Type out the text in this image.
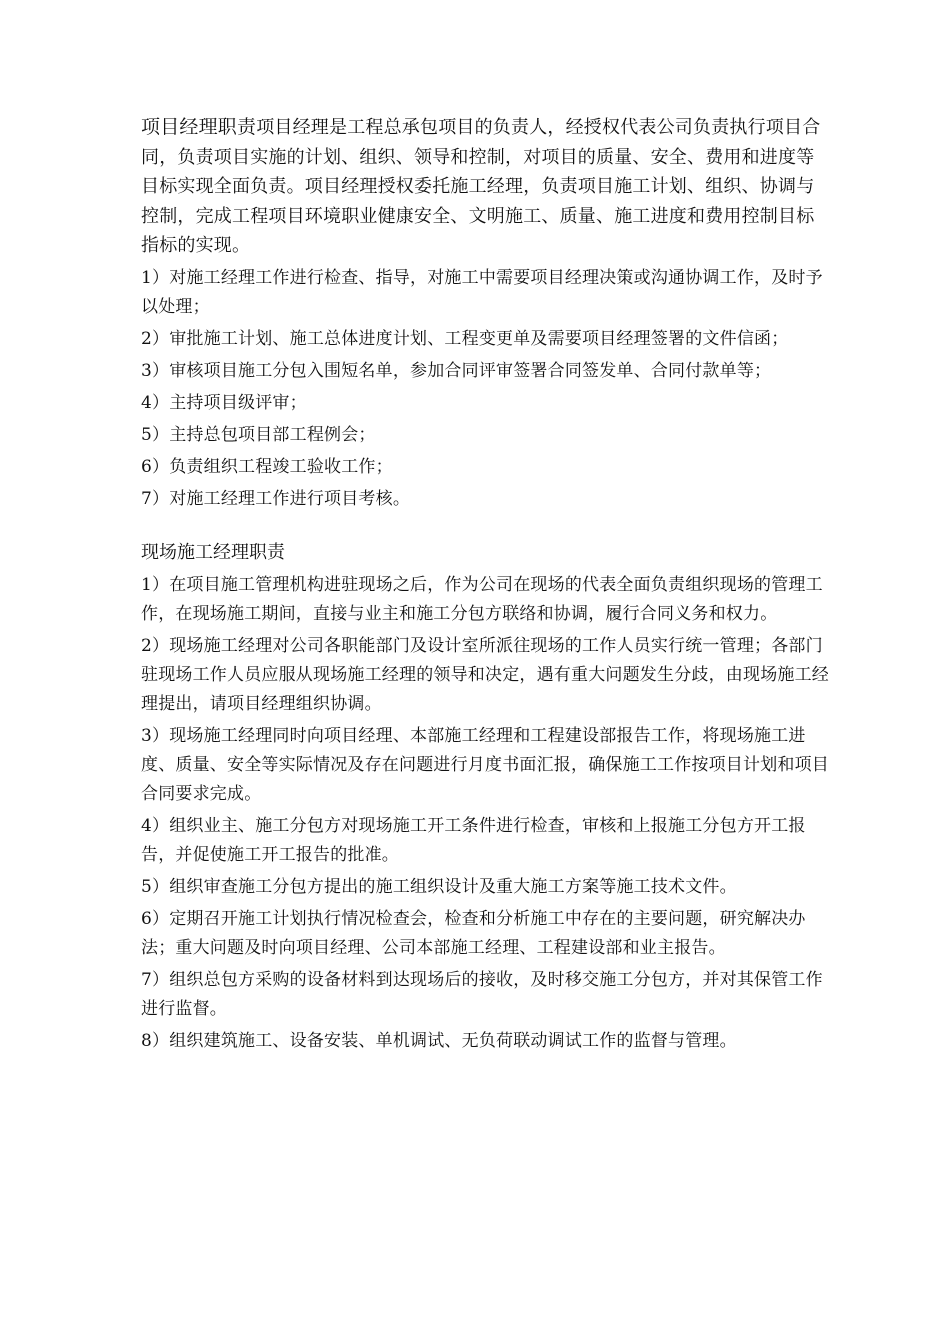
项目经理职责项目经理是工程总承包项目的负责人，经授权代表公司负责执行项目合同，负责项目实施的计划、组织、领导和控制，对项目的质量、安全、费用和进度等目标实现全面负责。项目经理授权委托施工经理，负责项目施工计划、组织、协调与控制，完成工程项目环境职业健康安全、文明施工、质量、施工进度和费用控制目标指标的实现。

1）对施工经理工作进行检查、指导，对施工中需要项目经理决策或沟通协调工作，及时予以处理；

2）审批施工计划、施工总体进度计划、工程变更单及需要项目经理签署的文件信函；

3）审核项目施工分包入围短名单，参加合同评审签署合同签发单、合同付款单等；

4）主持项目级评审；

5）主持总包项目部工程例会；

6）负责组织工程竣工验收工作；

7）对施工经理工作进行项目考核。

现场施工经理职责

1）在项目施工管理机构进驻现场之后，作为公司在现场的代表全面负责组织现场的管理工作，在现场施工期间，直接与业主和施工分包方联络和协调，履行合同义务和权力。

2）现场施工经理对公司各职能部门及设计室所派往现场的工作人员实行统一管理；各部门驻现场工作人员应服从现场施工经理的领导和决定，遇有重大问题发生分歧，由现场施工经理提出，请项目经理组织协调。

3）现场施工经理同时向项目经理、本部施工经理和工程建设部报告工作，将现场施工进度、质量、安全等实际情况及存在问题进行月度书面汇报，确保施工工作按项目计划和项目合同要求完成。

4）组织业主、施工分包方对现场施工开工条件进行检查，审核和上报施工分包方开工报告，并促使施工开工报告的批准。

5）组织审查施工分包方提出的施工组织设计及重大施工方案等施工技术文件。

6）定期召开施工计划执行情况检查会，检查和分析施工中存在的主要问题，研究解决办法；重大问题及时向项目经理、公司本部施工经理、工程建设部和业主报告。

7）组织总包方采购的设备材料到达现场后的接收，及时移交施工分包方，并对其保管工作进行监督。

8）组织建筑施工、设备安装、单机调试、无负荷联动调试工作的监督与管理。
